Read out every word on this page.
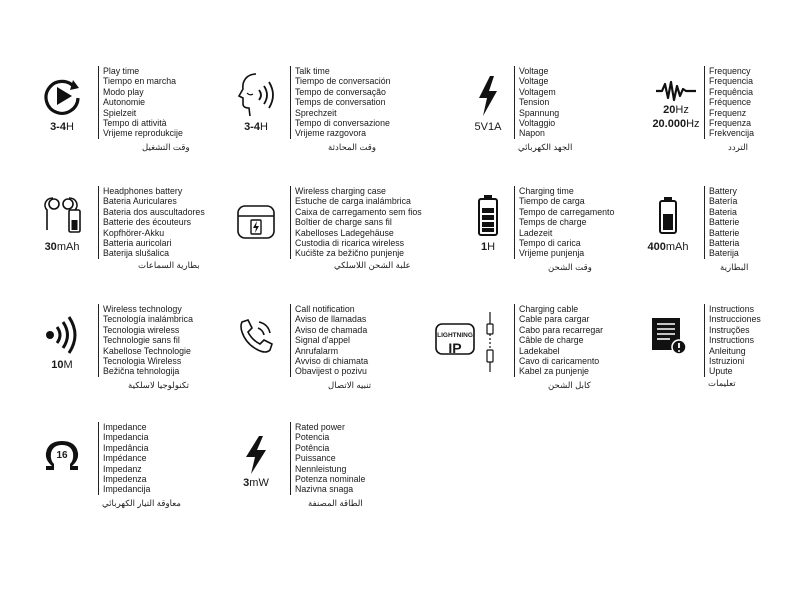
3-4H
Play time
Tiempo en marcha
Modo play
Autonomie
Spielzeit
Tempo di attività
Vrijeme reprodukcije
وقت التشغيل
3-4H
Talk time
Tiempo de conversación
Tempo de conversação
Temps de conversation
Sprechzeit
Tempo di conversazione
Vrijeme razgovora
وقت المحادثة
5V1A
Voltage
Voltage
Voltagem
Tension
Spannung
Voltaggio
Napon
الجهد الكهربائي
20Hz
20.000Hz
Frequency
Frequencia
Frequência
Fréquence
Frequenz
Frequenza
Frekvencija
التردد
30mAh
Headphones battery
Bateria Auriculares
Bateria dos auscultadores
Batterie des écouteurs
Kopfhörer-Akku
Batteria auricolari
Baterija slušalica
بطارية السماعات
Wireless charging case
Estuche de carga inalámbrica
Caixa de carregamento sem fios
Boîtier de charge sans fil
Kabelloses Ladegehäuse
Custodia di ricarica wireless
Kućište za bežično punjenje
علبة الشحن اللاسلكي
1H
Charging time
Tiempo de carga
Tempo de carregamento
Temps de charge
Ladezeit
Tempo di carica
Vrijeme punjenja
وقت الشحن
400mAh
Battery
Batería
Bateria
Batterie
Batterie
Batteria
Baterija
البطارية
10M
Wireless technology
Tecnología inalámbrica
Tecnologia wireless
Technologie sans fil
Kabellose Technologie
Tecnologia Wireless
Bežična tehnologija
تكنولوجيا لاسلكية
Call notification
Aviso de llamadas
Aviso de chamada
Signal d'appel
Anrufalarm
Avviso di chiamata
Obavijest o pozivu
تنبيه الاتصال
LIGHTNING
IP
Charging cable
Cable para cargar
Cabo para recarregar
Câble de charge
Ladekabel
Cavo di caricamento
Kabel za punjenje
كابل الشحن
Instructions
Instrucciones
Instruções
Instructions
Anleitung
Istruzioni
Upute
تعليمات
16
Impedance
Impedancia
Impedância
Impédance
Impedanz
Impedenza
Impedancija
معاوقة التيار الكهربائي
3mW
Rated power
Potencia
Potência
Puissance
Nennleistung
Potenza nominale
Nazivna snaga
الطاقة المصنفة
